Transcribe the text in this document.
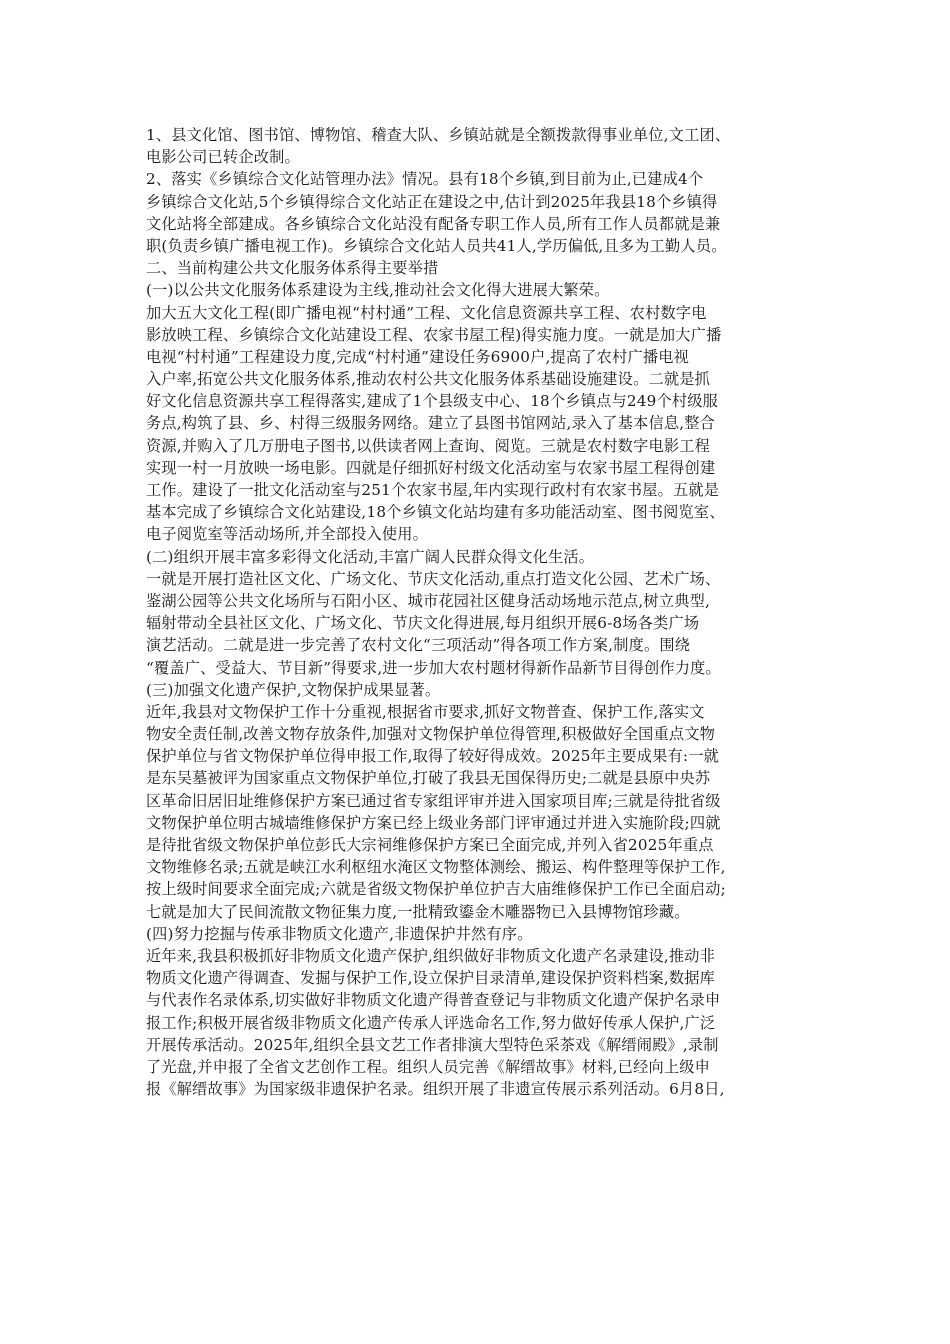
1、县文化馆、图书馆、博物馆、稽查大队、乡镇站就是全额拨款得事业单位,文工团、
电影公司已转企改制。
2、落实《乡镇综合文化站管理办法》情况。县有18个乡镇,到目前为止,已建成4个
乡镇综合文化站,5个乡镇得综合文化站正在建设之中,估计到2025年我县18个乡镇得
文化站将全部建成。各乡镇综合文化站没有配备专职工作人员,所有工作人员都就是兼
职(负责乡镇广播电视工作)。乡镇综合文化站人员共41人,学历偏低,且多为工勤人员。
二、当前构建公共文化服务体系得主要举措
(一)以公共文化服务体系建设为主线,推动社会文化得大进展大繁荣。
加大五大文化工程(即广播电视“村村通”工程、文化信息资源共享工程、农村数字电
影放映工程、乡镇综合文化站建设工程、农家书屋工程)得实施力度。一就是加大广播
电视“村村通”工程建设力度,完成“村村通”建设任务6900户,提高了农村广播电视
入户率,拓宽公共文化服务体系,推动农村公共文化服务体系基础设施建设。二就是抓
好文化信息资源共享工程得落实,建成了1个县级支中心、18个乡镇点与249个村级服
务点,构筑了县、乡、村得三级服务网络。建立了县图书馆网站,录入了基本信息,整合
资源,并购入了几万册电子图书,以供读者网上查询、阅览。三就是农村数字电影工程
实现一村一月放映一场电影。四就是仔细抓好村级文化活动室与农家书屋工程得创建
工作。建设了一批文化活动室与251个农家书屋,年内实现行政村有农家书屋。五就是
基本完成了乡镇综合文化站建设,18个乡镇文化站均建有多功能活动室、图书阅览室、
电子阅览室等活动场所,并全部投入使用。
(二)组织开展丰富多彩得文化活动,丰富广阔人民群众得文化生活。
一就是开展打造社区文化、广场文化、节庆文化活动,重点打造文化公园、艺术广场、
鉴湖公园等公共文化场所与石阳小区、城市花园社区健身活动场地示范点,树立典型,
辐射带动全县社区文化、广场文化、节庆文化得进展,每月组织开展6-8场各类广场
演艺活动。二就是进一步完善了农村文化“三项活动”得各项工作方案,制度。围绕
“覆盖广、受益大、节目新”得要求,进一步加大农村题材得新作品新节目得创作力度。
(三)加强文化遗产保护,文物保护成果显著。
近年,我县对文物保护工作十分重视,根据省市要求,抓好文物普查、保护工作,落实文
物安全责任制,改善文物存放条件,加强对文物保护单位得管理,积极做好全国重点文物
保护单位与省文物保护单位得申报工作,取得了较好得成效。2025年主要成果有:一就
是东吴墓被评为国家重点文物保护单位,打破了我县无国保得历史;二就是县原中央苏
区革命旧居旧址维修保护方案已通过省专家组评审并进入国家项目库;三就是待批省级
文物保护单位明古城墙维修保护方案已经上级业务部门评审通过并进入实施阶段;四就
是待批省级文物保护单位彭氏大宗祠维修保护方案已全面完成,并列入省2025年重点
文物维修名录;五就是峡江水利枢纽水淹区文物整体测绘、搬运、构件整理等保护工作,
按上级时间要求全面完成;六就是省级文物保护单位护吉大庙维修保护工作已全面启动;
七就是加大了民间流散文物征集力度,一批精致鎏金木雕器物已入县博物馆珍藏。
(四)努力挖掘与传承非物质文化遗产,非遗保护井然有序。
近年来,我县积极抓好非物质文化遗产保护,组织做好非物质文化遗产名录建设,推动非
物质文化遗产得调查、发掘与保护工作,设立保护目录清单,建设保护资料档案,数据库
与代表作名录体系,切实做好非物质文化遗产得普查登记与非物质文化遗产保护名录申
报工作;积极开展省级非物质文化遗产传承人评选命名工作,努力做好传承人保护,广泛
开展传承活动。2025年,组织全县文艺工作者排演大型特色采茶戏《解缙闹殿》,录制
了光盘,并申报了全省文艺创作工程。组织人员完善《解缙故事》材料,已经向上级申
报《解缙故事》为国家级非遗保护名录。组织开展了非遗宣传展示系列活动。6月8日,
